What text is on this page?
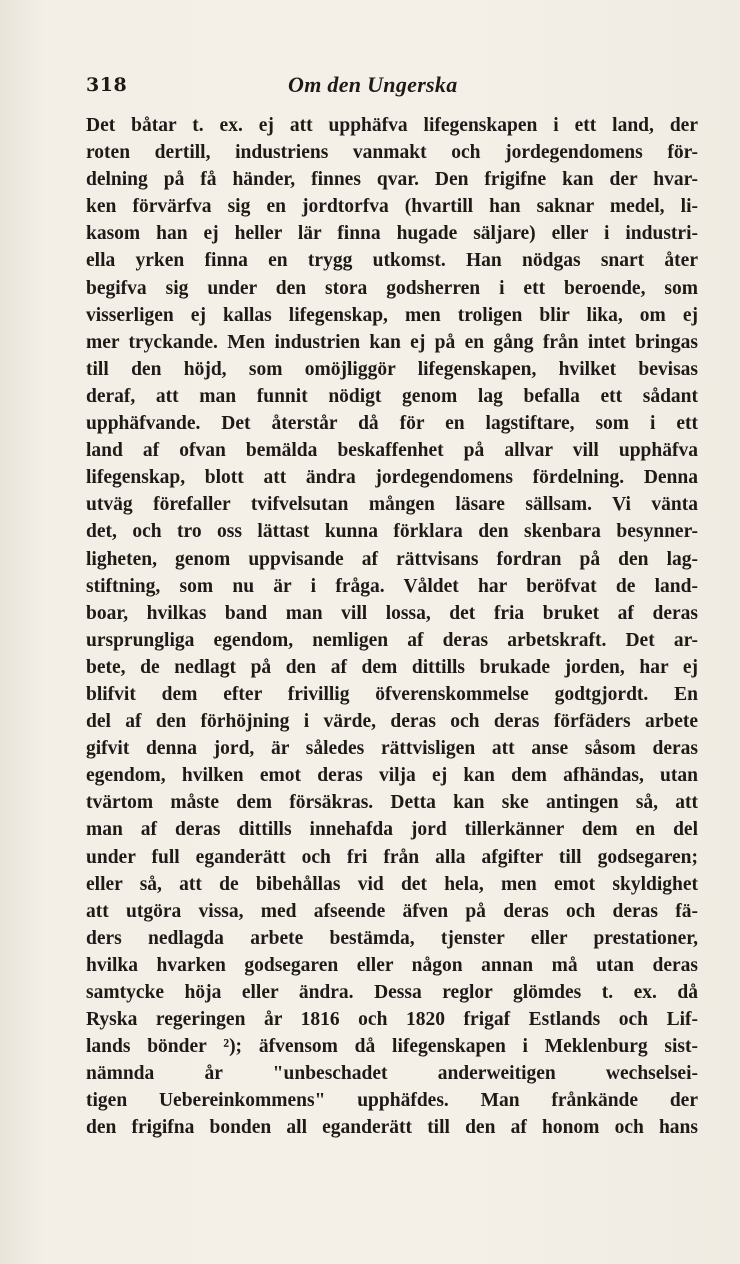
318	Om den Ungerska
Det båtar t. ex. ej att upphäfva lifegenskapen i ett land, der
roten dertill, industriens vanmakt och jordegendomens för-
delning på få händer, finnes qvar. Den frigifne kan der hvar-
ken förvärfva sig en jordtorfva (hvartill han saknar medel, li-
kasom han ej heller lär finna hugade säljare) eller i industri-
ella yrken finna en trygg utkomst. Han nödgas snart åter
begifva sig under den stora godsherren i ett beroende, som
visserligen ej kallas lifegenskap, men troligen blir lika, om ej
mer tryckande. Men industrien kan ej på en gång från intet bringas
till den höjd, som omöjliggör lifegenskapen, hvilket bevisas
deraf, att man funnit nödigt genom lag befalla ett sådant
upphäfvande. Det återstår då för en lagstiftare, som i ett
land af ofvan bemälda beskaffenhet på allvar vill upphäfva
lifegenskap, blott att ändra jordegendomens fördelning. Denna
utväg förefaller tvifvelsutan mången läsare sällsam. Vi vänta
det, och tro oss lättast kunna förklara den skenbara besynner-
ligheten, genom uppvisande af rättvisans fordran på den lag-
stiftning, som nu är i fråga. Våldet har beröfvat de land-
boar, hvilkas band man vill lossa, det fria bruket af deras
ursprungliga egendom, nemligen af deras arbetskraft. Det ar-
bete, de nedlagt på den af dem dittills brukade jorden, har ej
blifvit dem efter frivillig öfverenskommelse godtgjordt. En
del af den förhöjning i värde, deras och deras förfäders arbete
gifvit denna jord, är således rättvisligen att anse såsom deras
egendom, hvilken emot deras vilja ej kan dem afhändas, utan
tvärtom måste dem försäkras. Detta kan ske antingen så, att
man af deras dittills innehafda jord tillerkänner dem en del
under full eganderätt och fri från alla afgifter till godsegaren;
eller så, att de bibehållas vid det hela, men emot skyldighet
att utgöra vissa, med afseende äfven på deras och deras fä-
ders nedlagda arbete bestämda, tjenster eller prestationer,
hvilka hvarken godsegaren eller någon annan må utan deras
samtycke höja eller ändra. Dessa reglor glömdes t. ex. då
Ryska regeringen år 1816 och 1820 frigaf Estlands och Lif-
lands bönder ²); äfvensom då lifegenskapen i Meklenburg sist-
nämnda år "unbeschadet anderweitigen wechselsei-
tigen Uebereinkommens" upphäfdes. Man frånkände der
den frigifna bonden all eganderätt till den af honom och hans
